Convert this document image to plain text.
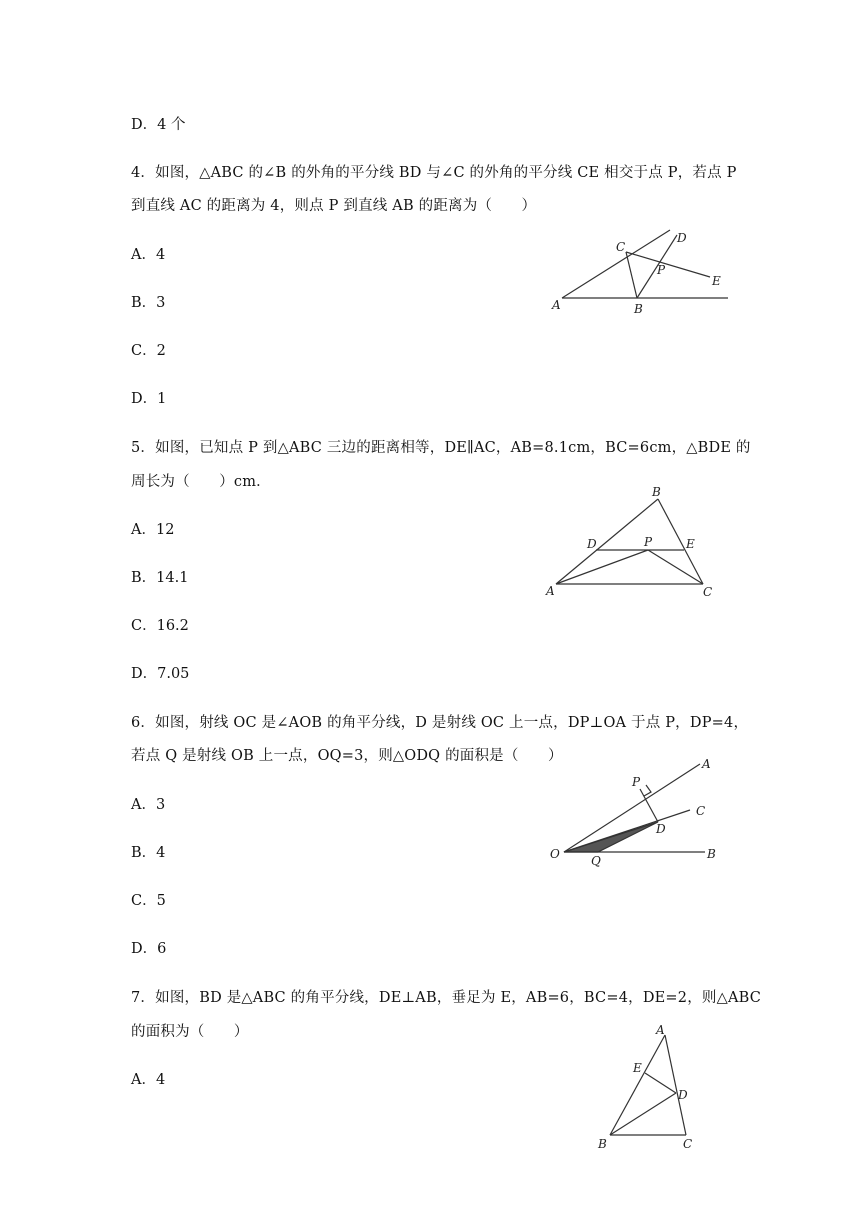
D．4 个
4．如图，△ABC 的∠B 的外角的平分线 BD 与∠C 的外角的平分线 CE 相交于点 P，若点 P
到直线 AC 的距离为 4，则点 P 到直线 AB 的距离为（　　）
A．4
B．3
C．2
D．1
A	B
C
D
E
P
5．如图，已知点 P 到△ABC 三边的距离相等，DE∥AC，AB=8.1cm，BC=6cm，△BDE 的
周长为（　　）cm．
A．12
B．14.1
C．16.2
D．7.05
A
B
C
D	E
P
6．如图，射线 OC 是∠AOB 的角平分线，D 是射线 OC 上一点，DP⊥OA 于点 P，DP=4，
若点 Q 是射线 OB 上一点，OQ=3，则△ODQ 的面积是（　　）
A．3
B．4
C．5
D．6
O	Q	B
A
P
C
D
7．如图，BD 是△ABC 的角平分线，DE⊥AB，垂足为 E，AB=6，BC=4，DE=2，则△ABC
的面积为（　　）
A．4
A
B	C
D
E
